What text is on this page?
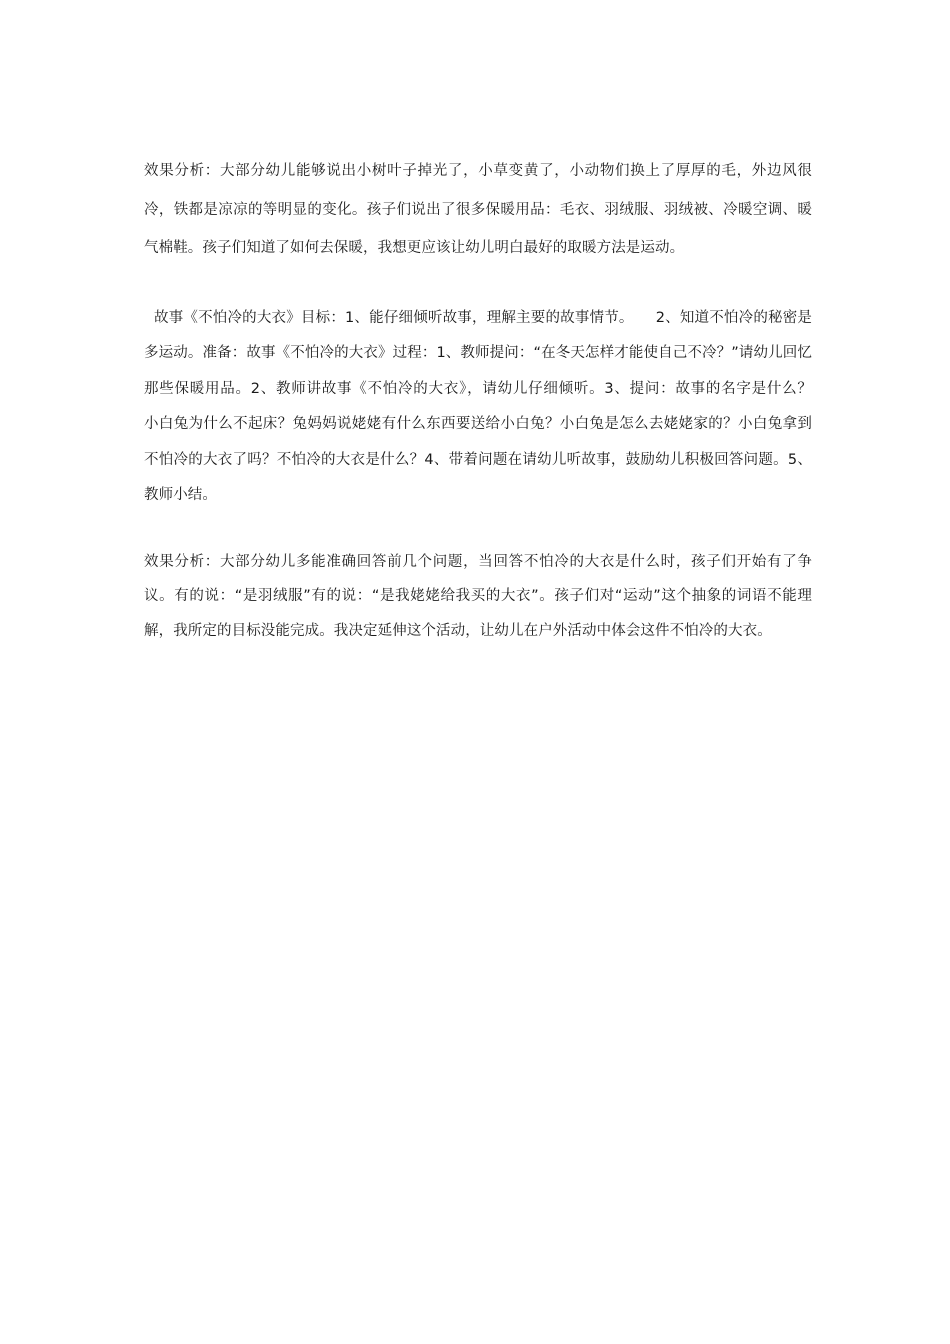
效果分析：大部分幼儿能够说出小树叶子掉光了，小草变黄了，小动物们换上了厚厚的毛，外边风很冷，铁都是凉凉的等明显的变化。孩子们说出了很多保暖用品：毛衣、羽绒服、羽绒被、冷暖空调、暖气棉鞋。孩子们知道了如何去保暖，我想更应该让幼儿明白最好的取暖方法是运动。

故事《不怕冷的大衣》目标：1、能仔细倾听故事，理解主要的故事情节。　　2、知道不怕冷的秘密是多运动。准备：故事《不怕冷的大衣》过程：1、教师提问：“在冬天怎样才能使自己不冷？”请幼儿回忆那些保暖用品。2、教师讲故事《不怕冷的大衣》，请幼儿仔细倾听。3、提问：故事的名字是什么？　　小白兔为什么不起床？兔妈妈说姥姥有什么东西要送给小白兔？小白兔是怎么去姥姥家的？小白兔拿到不怕冷的大衣了吗？不怕冷的大衣是什么？4、带着问题在请幼儿听故事，鼓励幼儿积极回答问题。5、 教师小结。

效果分析：大部分幼儿多能准确回答前几个问题，当回答不怕冷的大衣是什么时，孩子们开始有了争议。有的说：“是羽绒服”有的说：“是我姥姥给我买的大衣”。孩子们对“运动”这个抽象的词语不能理解，我所定的目标没能完成。我决定延伸这个活动，让幼儿在户外活动中体会这件不怕冷的大衣。
